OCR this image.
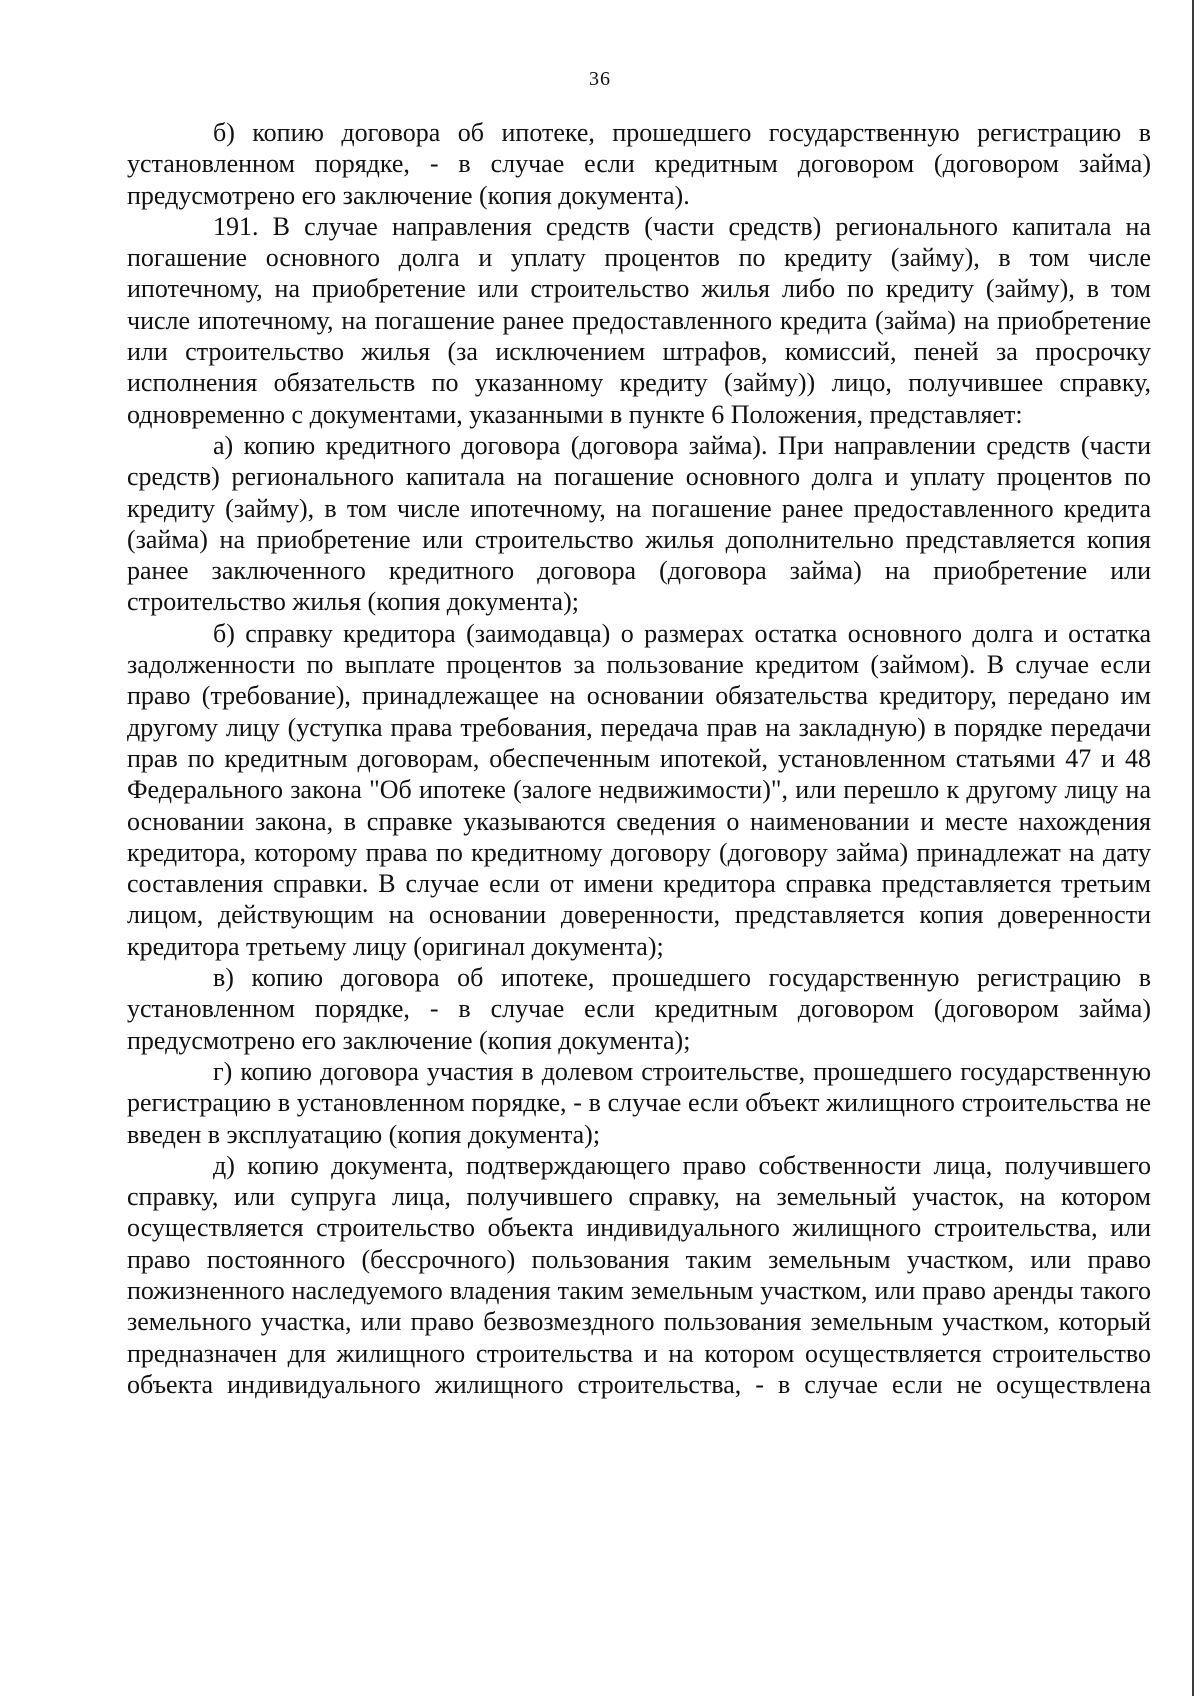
36

б) копию договора об ипотеке, прошедшего государственную регистрацию в установленном порядке, - в случае если кредитным договором (договором займа) предусмотрено его заключение (копия документа).

191. В случае направления средств (части средств) регионального капитала на погашение основного долга и уплату процентов по кредиту (займу), в том числе ипотечному, на приобретение или строительство жилья либо по кредиту (займу), в том числе ипотечному, на погашение ранее предоставленного кредита (займа) на приобретение или строительство жилья (за исключением штрафов, комиссий, пеней за просрочку исполнения обязательств по указанному кредиту (займу)) лицо, получившее справку, одновременно с документами, указанными в пункте 6 Положения, представляет:

а) копию кредитного договора (договора займа). При направлении средств (части средств) регионального капитала на погашение основного долга и уплату процентов по кредиту (займу), в том числе ипотечному, на погашение ранее предоставленного кредита (займа) на приобретение или строительство жилья дополнительно представляется копия ранее заключенного кредитного договора (договора займа) на приобретение или строительство жилья (копия документа);

б) справку кредитора (заимодавца) о размерах остатка основного долга и остатка задолженности по выплате процентов за пользование кредитом (займом). В случае если право (требование), принадлежащее на основании обязательства кредитору, передано им другому лицу (уступка права требования, передача прав на закладную) в порядке передачи прав по кредитным договорам, обеспеченным ипотекой, установленном статьями 47 и 48 Федерального закона "Об ипотеке (залоге недвижимости)", или перешло к другому лицу на основании закона, в справке указываются сведения о наименовании и месте нахождения кредитора, которому права по кредитному договору (договору займа) принадлежат на дату составления справки. В случае если от имени кредитора справка представляется третьим лицом, действующим на основании доверенности, представляется копия доверенности кредитора третьему лицу (оригинал документа);

в) копию договора об ипотеке, прошедшего государственную регистрацию в установленном порядке, - в случае если кредитным договором (договором займа) предусмотрено его заключение (копия документа);

г) копию договора участия в долевом строительстве, прошедшего государственную регистрацию в установленном порядке, - в случае если объект жилищного строительства не введен в эксплуатацию (копия документа);

д) копию документа, подтверждающего право собственности лица, получившего справку, или супруга лица, получившего справку, на земельный участок, на котором осуществляется строительство объекта индивидуального жилищного строительства, или право постоянного (бессрочного) пользования таким земельным участком, или право пожизненного наследуемого владения таким земельным участком, или право аренды такого земельного участка, или право безвозмездного пользования земельным участком, который предназначен для жилищного строительства и на котором осуществляется строительство объекта индивидуального жилищного строительства, - в случае если не осуществлена
